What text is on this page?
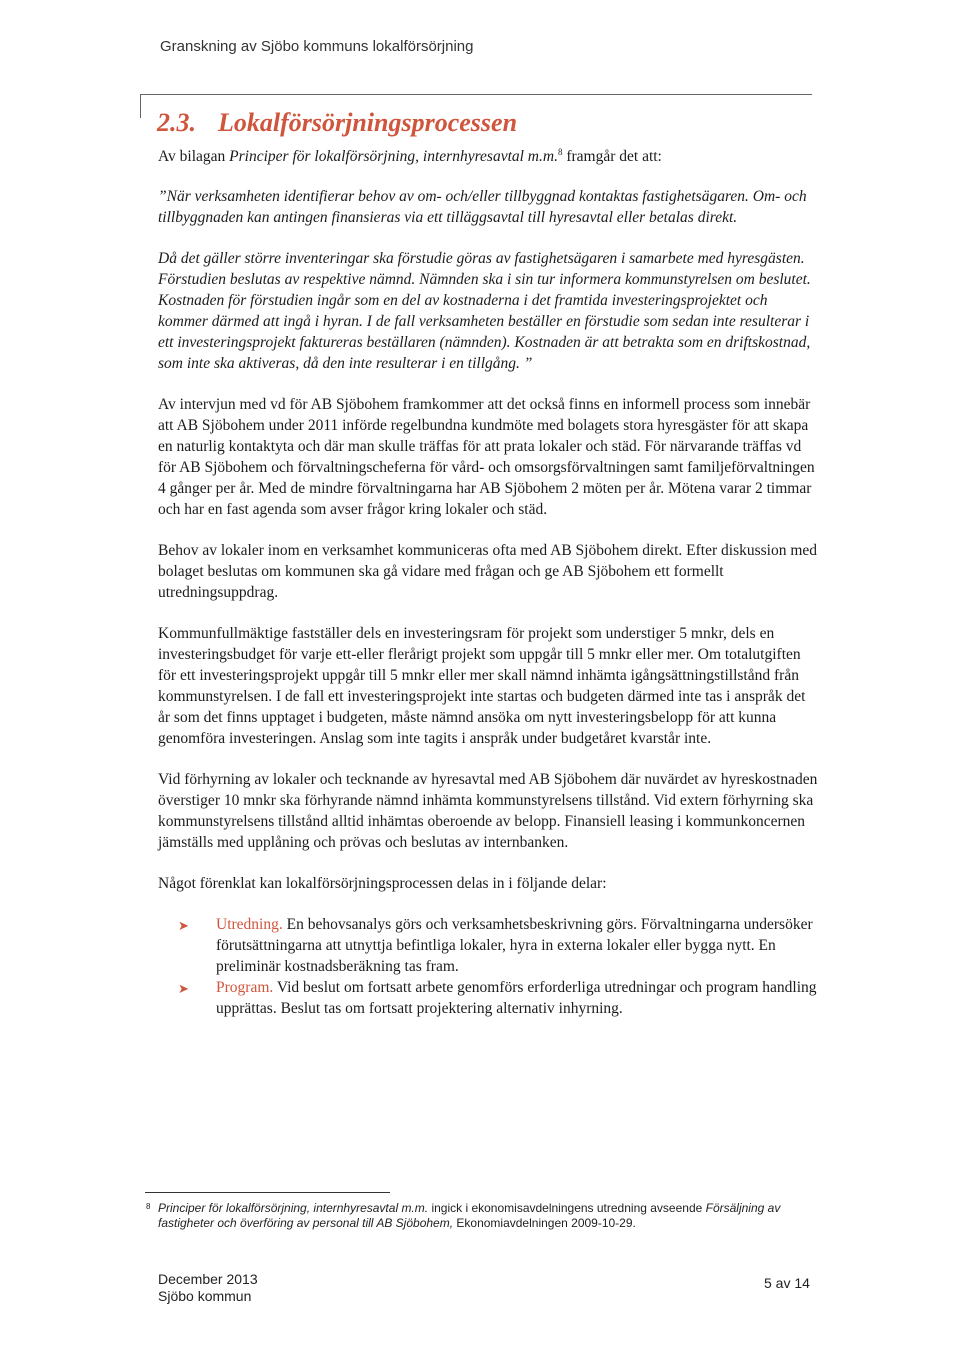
Granskning av Sjöbo kommuns lokalförsörjning
2.3. Lokalförsörjningsprocessen

Av bilagan Principer för lokalförsörjning, internhyresavtal m.m.$^8$ framgår det att:

”När verksamheten identifierar behov av om- och/eller tillbyggnad kontaktas fastighetsägaren. Om- och tillbyggnaden kan antingen finansieras via ett tilläggsavtal till hyresavtal eller betalas direkt.

Då det gäller större inventeringar ska förstudie göras av fastighetsägaren i samarbete med hyresgästen. Förstudien beslutas av respektive nämnd. Nämnden ska i sin tur informera kommunstyrelsen om beslutet. Kostnaden för förstudien ingår som en del av kostnaderna i det framtida investeringsprojektet och kommer därmed att ingå i hyran. I de fall verksamheten beställer en förstudie som sedan inte resulterar i ett investeringsprojekt faktureras beställaren (nämnden). Kostnaden är att betrakta som en driftskostnad, som inte ska aktiveras, då den inte resulterar i en tillgång. ”

Av intervjun med vd för AB Sjöbohem framkommer att det också finns en informell process som innebär att AB Sjöbohem under 2011 införde regelbundna kundmöte med bolagets stora hyresgäster för att skapa en naturlig kontaktyta och där man skulle träffas för att prata lokaler och städ. För närvarande träffas vd för AB Sjöbohem och förvaltningscheferna för vård- och omsorgsförvaltningen samt familjeförvaltningen 4 gånger per år. Med de mindre förvaltningarna har AB Sjöbohem 2 möten per år. Mötena varar 2 timmar och har en fast agenda som avser frågor kring lokaler och städ.

Behov av lokaler inom en verksamhet kommuniceras ofta med AB Sjöbohem direkt. Efter diskussion med bolaget beslutas om kommunen ska gå vidare med frågan och ge AB Sjöbohem ett formellt utredningsuppdrag.

Kommunfullmäktige fastställer dels en investeringsram för projekt som understiger 5 mnkr, dels en investeringsbudget för varje ett-eller flerårigt projekt som uppgår till 5 mnkr eller mer. Om totalutgiften för ett investeringsprojekt uppgår till 5 mnkr eller mer skall nämnd inhämta igångsättningstillstånd från kommunstyrelsen. I de fall ett investeringsprojekt inte startas och budgeten därmed inte tas i anspråk det år som det finns upptaget i budgeten, måste nämnd ansöka om nytt investeringsbelopp för att kunna genomföra investeringen. Anslag som inte tagits i anspråk under budgetåret kvarstår inte.

Vid förhyrning av lokaler och tecknande av hyresavtal med AB Sjöbohem där nuvärdet av hyreskostnaden överstiger 10 mnkr ska förhyrande nämnd inhämta kommunstyrelsens tillstånd. Vid extern förhyrning ska kommunstyrelsens tillstånd alltid inhämtas oberoende av belopp. Finansiell leasing i kommunkoncernen jämställs med upplåning och prövas och beslutas av internbanken.

Något förenklat kan lokalförsörjningsprocessen delas in i följande delar:

➤ Utredning. En behovsanalys görs och verksamhetsbeskrivning görs. Förvaltningarna undersöker förutsättningarna att utnyttja befintliga lokaler, hyra in externa lokaler eller bygga nytt. En preliminär kostnadsberäkning tas fram.
➤ Program. Vid beslut om fortsatt arbete genomförs erforderliga utredningar och program handling upprättas. Beslut tas om fortsatt projektering alternativ inhyrning.
8 Principer för lokalförsörjning, internhyresavtal m.m. ingick i ekonomisavdelningens utredning avseende Försäljning av fastigheter och överföring av personal till AB Sjöbohem, Ekonomiavdelningen 2009-10-29.
December 2013
Sjöbo kommun
5 av 14
